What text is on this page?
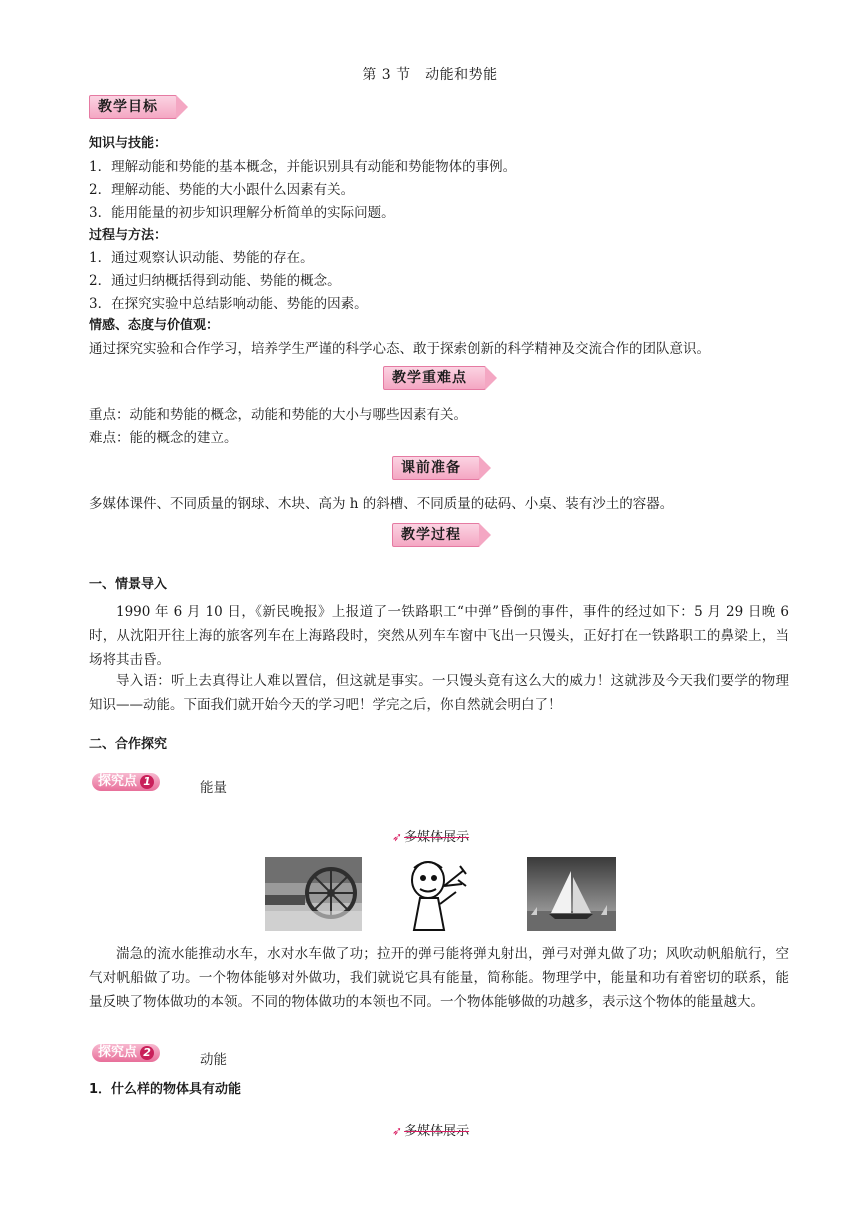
第 3 节　动能和势能
教学目标
知识与技能：
1．理解动能和势能的基本概念，并能识别具有动能和势能物体的事例。
2．理解动能、势能的大小跟什么因素有关。
3．能用能量的初步知识理解分析简单的实际问题。
过程与方法：
1．通过观察认识动能、势能的存在。
2．通过归纳概括得到动能、势能的概念。
3．在探究实验中总结影响动能、势能的因素。
情感、态度与价值观：
通过探究实验和合作学习，培养学生严谨的科学心态、敢于探索创新的科学精神及交流合作的团队意识。
教学重难点
重点：动能和势能的概念，动能和势能的大小与哪些因素有关。
难点：能的概念的建立。
课前准备
多媒体课件、不同质量的钢球、木块、高为 h 的斜槽、不同质量的砝码、小桌、装有沙土的容器。
教学过程
一、情景导入
1990 年 6 月 10 日，《新民晚报》上报道了一铁路职工“中弹”昏倒的事件，事件的经过如下：5 月 29 日晚 6 时，从沈阳开往上海的旅客列车在上海路段时，突然从列车车窗中飞出一只馒头，正好打在一铁路职工的鼻梁上，当场将其击昏。
导入语：听上去真得让人难以置信，但这就是事实。一只馒头竟有这么大的威力！这就涉及今天我们要学的物理知识——动能。下面我们就开始今天的学习吧！学完之后，你自然就会明白了！
二、合作探究
探究点 1	能量
➶ 多媒体展示
湍急的流水能推动水车，水对水车做了功；拉开的弹弓能将弹丸射出，弹弓对弹丸做了功；风吹动帆船航行，空气对帆船做了功。一个物体能够对外做功，我们就说它具有能量，简称能。物理学中，能量和功有着密切的联系，能量反映了物体做功的本领。不同的物体做功的本领也不同。一个物体能够做的功越多，表示这个物体的能量越大。
探究点 2	动能
1．什么样的物体具有动能
➶ 多媒体展示
